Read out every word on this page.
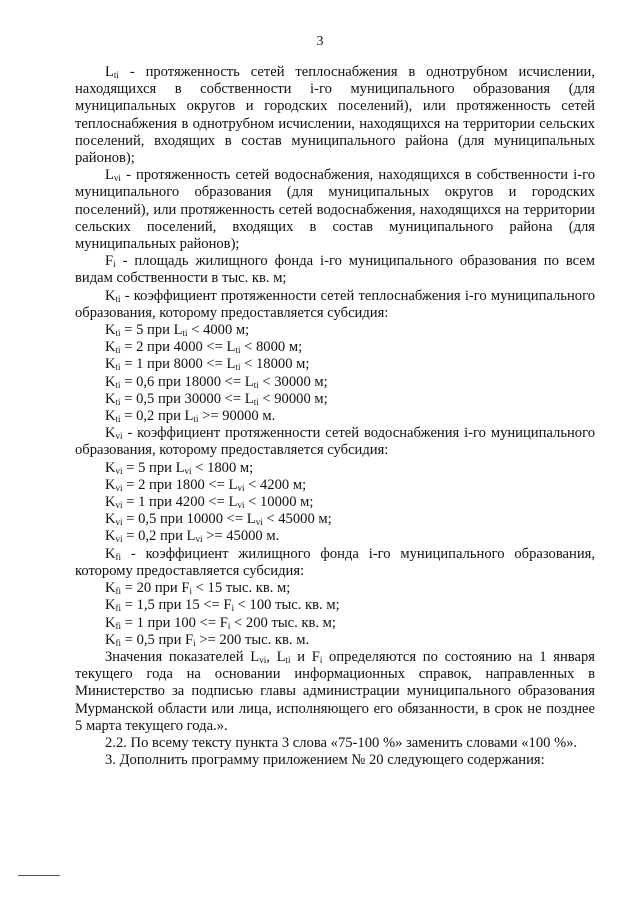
3

$L_{ti}$ - протяженность сетей теплоснабжения в однотрубном исчислении, находящихся в собственности i-го муниципального образования (для муниципальных округов и городских поселений), или протяженность сетей теплоснабжения в однотрубном исчислении, находящихся на территории сельских поселений, входящих в состав муниципального района (для муниципальных районов);

$L_{vi}$ - протяженность сетей водоснабжения, находящихся в собственности i-го муниципального образования (для муниципальных округов и городских поселений), или протяженность сетей водоснабжения, находящихся на территории сельских поселений, входящих в состав муниципального района (для муниципальных районов);

$F_i$ - площадь жилищного фонда i-го муниципального образования по всем видам собственности в тыс. кв. м;

$K_{ti}$ - коэффициент протяженности сетей теплоснабжения i-го муниципального образования, которому предоставляется субсидия:

$K_{ti} = 5$ при $L_{ti} < 4000$ м;

$K_{ti} = 2$ при $4000 <= L_{ti} < 8000$ м;

$K_{ti} = 1$ при $8000 <= L_{ti} < 18000$ м;

$K_{ti} = 0,6$ при $18000 <= L_{ti} < 30000$ м;

$K_{ti} = 0,5$ при $30000 <= L_{ti} < 90000$ м;

$K_{ti} = 0,2$ при $L_{ti} >= 90000$ м.

$K_{vi}$ - коэффициент протяженности сетей водоснабжения i-го муниципального образования, которому предоставляется субсидия:

$K_{vi} = 5$ при $L_{vi} < 1800$ м;

$K_{vi} = 2$ при $1800 <= L_{vi} < 4200$ м;

$K_{vi} = 1$ при $4200 <= L_{vi} < 10000$ м;

$K_{vi} = 0,5$ при $10000 <= L_{vi} < 45000$ м;

$K_{vi} = 0,2$ при $L_{vi} >= 45000$ м.

$K_{fi}$ - коэффициент жилищного фонда i-го муниципального образования, которому предоставляется субсидия:

$K_{fi} = 20$ при $F_i < 15$ тыс. кв. м;

$K_{fi} = 1,5$ при $15 <= F_i < 100$ тыс. кв. м;

$K_{fi} = 1$ при $100 <= F_i < 200$ тыс. кв. м;

$K_{fi} = 0,5$ при $F_i >= 200$ тыс. кв. м.

Значения показателей $L_{vi}$, $L_{ti}$ и $F_i$ определяются по состоянию на 1 января текущего года на основании информационных справок, направленных в Министерство за подписью главы администрации муниципального образования Мурманской области или лица, исполняющего его обязанности, в срок не позднее 5 марта текущего года.».

2.2. По всему тексту пункта 3 слова «75-100 %» заменить словами «100 %».

3. Дополнить программу приложением № 20 следующего содержания:
